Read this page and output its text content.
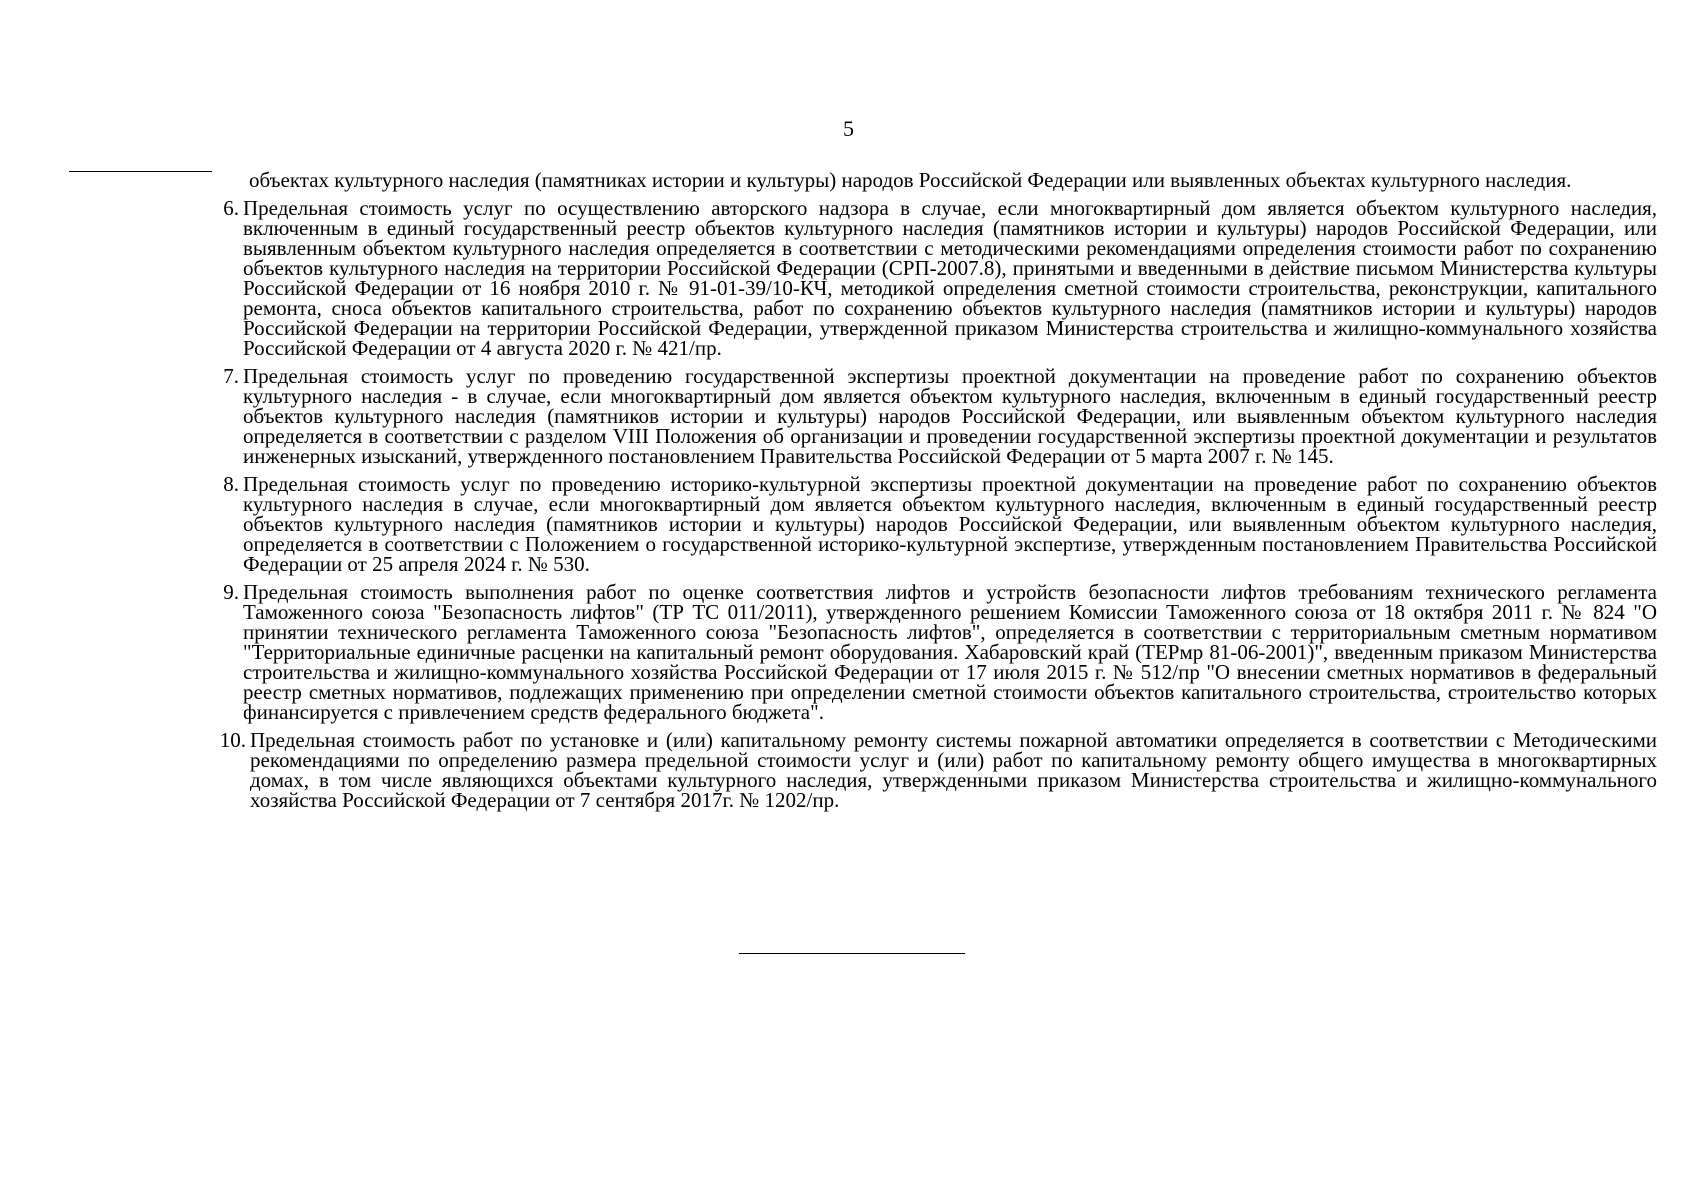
5
объектах культурного наследия (памятниках истории и культуры) народов Российской Федерации или выявленных объектах культурного наследия.
6. Предельная стоимость услуг по осуществлению авторского надзора в случае, если многоквартирный дом является объектом культурного наследия, включенным в единый государственный реестр объектов культурного наследия (памятников истории и культуры) народов Российской Федерации, или выявленным объектом культурного наследия определяется в соответствии с методическими рекомендациями определения стоимости работ по сохранению объектов культурного наследия на территории Российской Федерации (СРП-2007.8), принятыми и введенными в действие письмом Министерства культуры Российской Федерации от 16 ноября 2010 г. № 91-01-39/10-КЧ, методикой определения сметной стоимости строительства, реконструкции, капитального ремонта, сноса объектов капитального строительства, работ по сохранению объектов культурного наследия (памятников истории и культуры) народов Российской Федерации на территории Российской Федерации, утвержденной приказом Министерства строительства и жилищно-коммунального хозяйства Российской Федерации от 4 августа 2020 г. № 421/пр.
7. Предельная стоимость услуг по проведению государственной экспертизы проектной документации на проведение работ по сохранению объектов культурного наследия - в случае, если многоквартирный дом является объектом культурного наследия, включенным в единый государственный реестр объектов культурного наследия (памятников истории и культуры) народов Российской Федерации, или выявленным объектом культурного наследия определяется в соответствии с разделом VIII Положения об организации и проведении государственной экспертизы проектной документации и результатов инженерных изысканий, утвержденного постановлением Правительства Российской Федерации от 5 марта 2007 г. № 145.
8. Предельная стоимость услуг по проведению историко-культурной экспертизы проектной документации на проведение работ по сохранению объектов культурного наследия в случае, если многоквартирный дом является объектом культурного наследия, включенным в единый государственный реестр объектов культурного наследия (памятников истории и культуры) народов Российской Федерации, или выявленным объектом культурного наследия, определяется в соответствии с Положением о государственной историко-культурной экспертизе, утвержденным постановлением Правительства Российской Федерации от 25 апреля 2024 г. № 530.
9. Предельная стоимость выполнения работ по оценке соответствия лифтов и устройств безопасности лифтов требованиям технического регламента Таможенного союза "Безопасность лифтов" (ТР ТС 011/2011), утвержденного решением Комиссии Таможенного союза от 18 октября 2011 г. № 824 "О принятии технического регламента Таможенного союза "Безопасность лифтов", определяется в соответствии с территориальным сметным нормативом "Территориальные единичные расценки на капитальный ремонт оборудования. Хабаровский край (ТЕРмр 81-06-2001)", введенным приказом Министерства строительства и жилищно-коммунального хозяйства Российской Федерации от 17 июля 2015 г. № 512/пр "О внесении сметных нормативов в федеральный реестр сметных нормативов, подлежащих применению при определении сметной стоимости объектов капитального строительства, строительство которых финансируется с привлечением средств федерального бюджета".
10. Предельная стоимость работ по установке и (или) капитальному ремонту системы пожарной автоматики определяется в соответствии с Методическими рекомендациями по определению размера предельной стоимости услуг и (или) работ по капитальному ремонту общего имущества в многоквартирных домах, в том числе являющихся объектами культурного наследия, утвержденными приказом Министерства строительства и жилищно-коммунального хозяйства Российской Федерации от 7 сентября 2017г. № 1202/пр.
